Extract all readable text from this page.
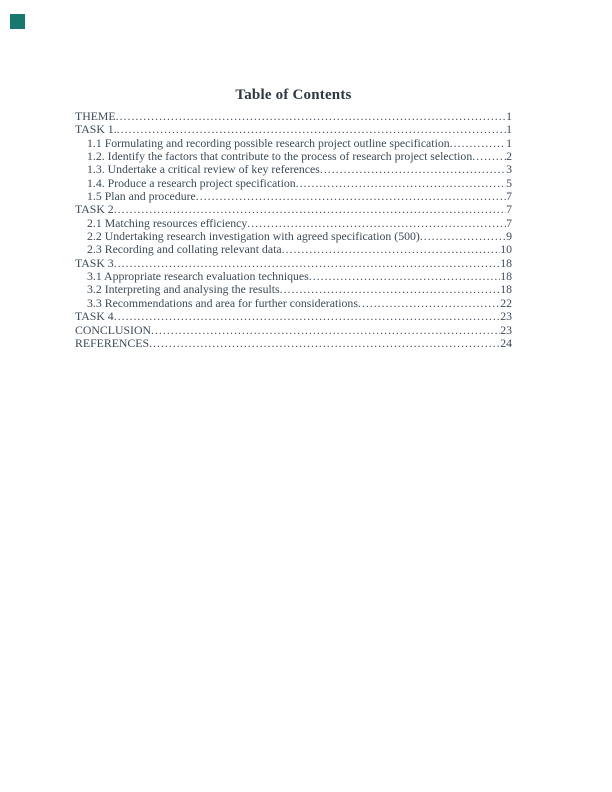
Table of Contents
THEME .....	1
TASK 1. .....	1
1.1 Formulating and recording possible research project outline specification .....	1
1.2. Identify the factors that contribute to the process of research project selection .....	2
1.3. Undertake a critical review of key references .....	3
1.4. Produce a research project specification .....	5
1.5 Plan and procedure .....	7
TASK 2 .....	7
2.1 Matching resources efficiency .....	7
2.2 Undertaking research investigation with agreed specification (500) .....	9
2.3 Recording and collating relevant data .....	10
TASK 3 .....	18
3.1 Appropriate research evaluation techniques .....	18
3.2 Interpreting and analysing the results .....	18
3.3 Recommendations and area for further considerations .....	22
TASK 4 .....	23
CONCLUSION .....	23
REFERENCES .....	24
